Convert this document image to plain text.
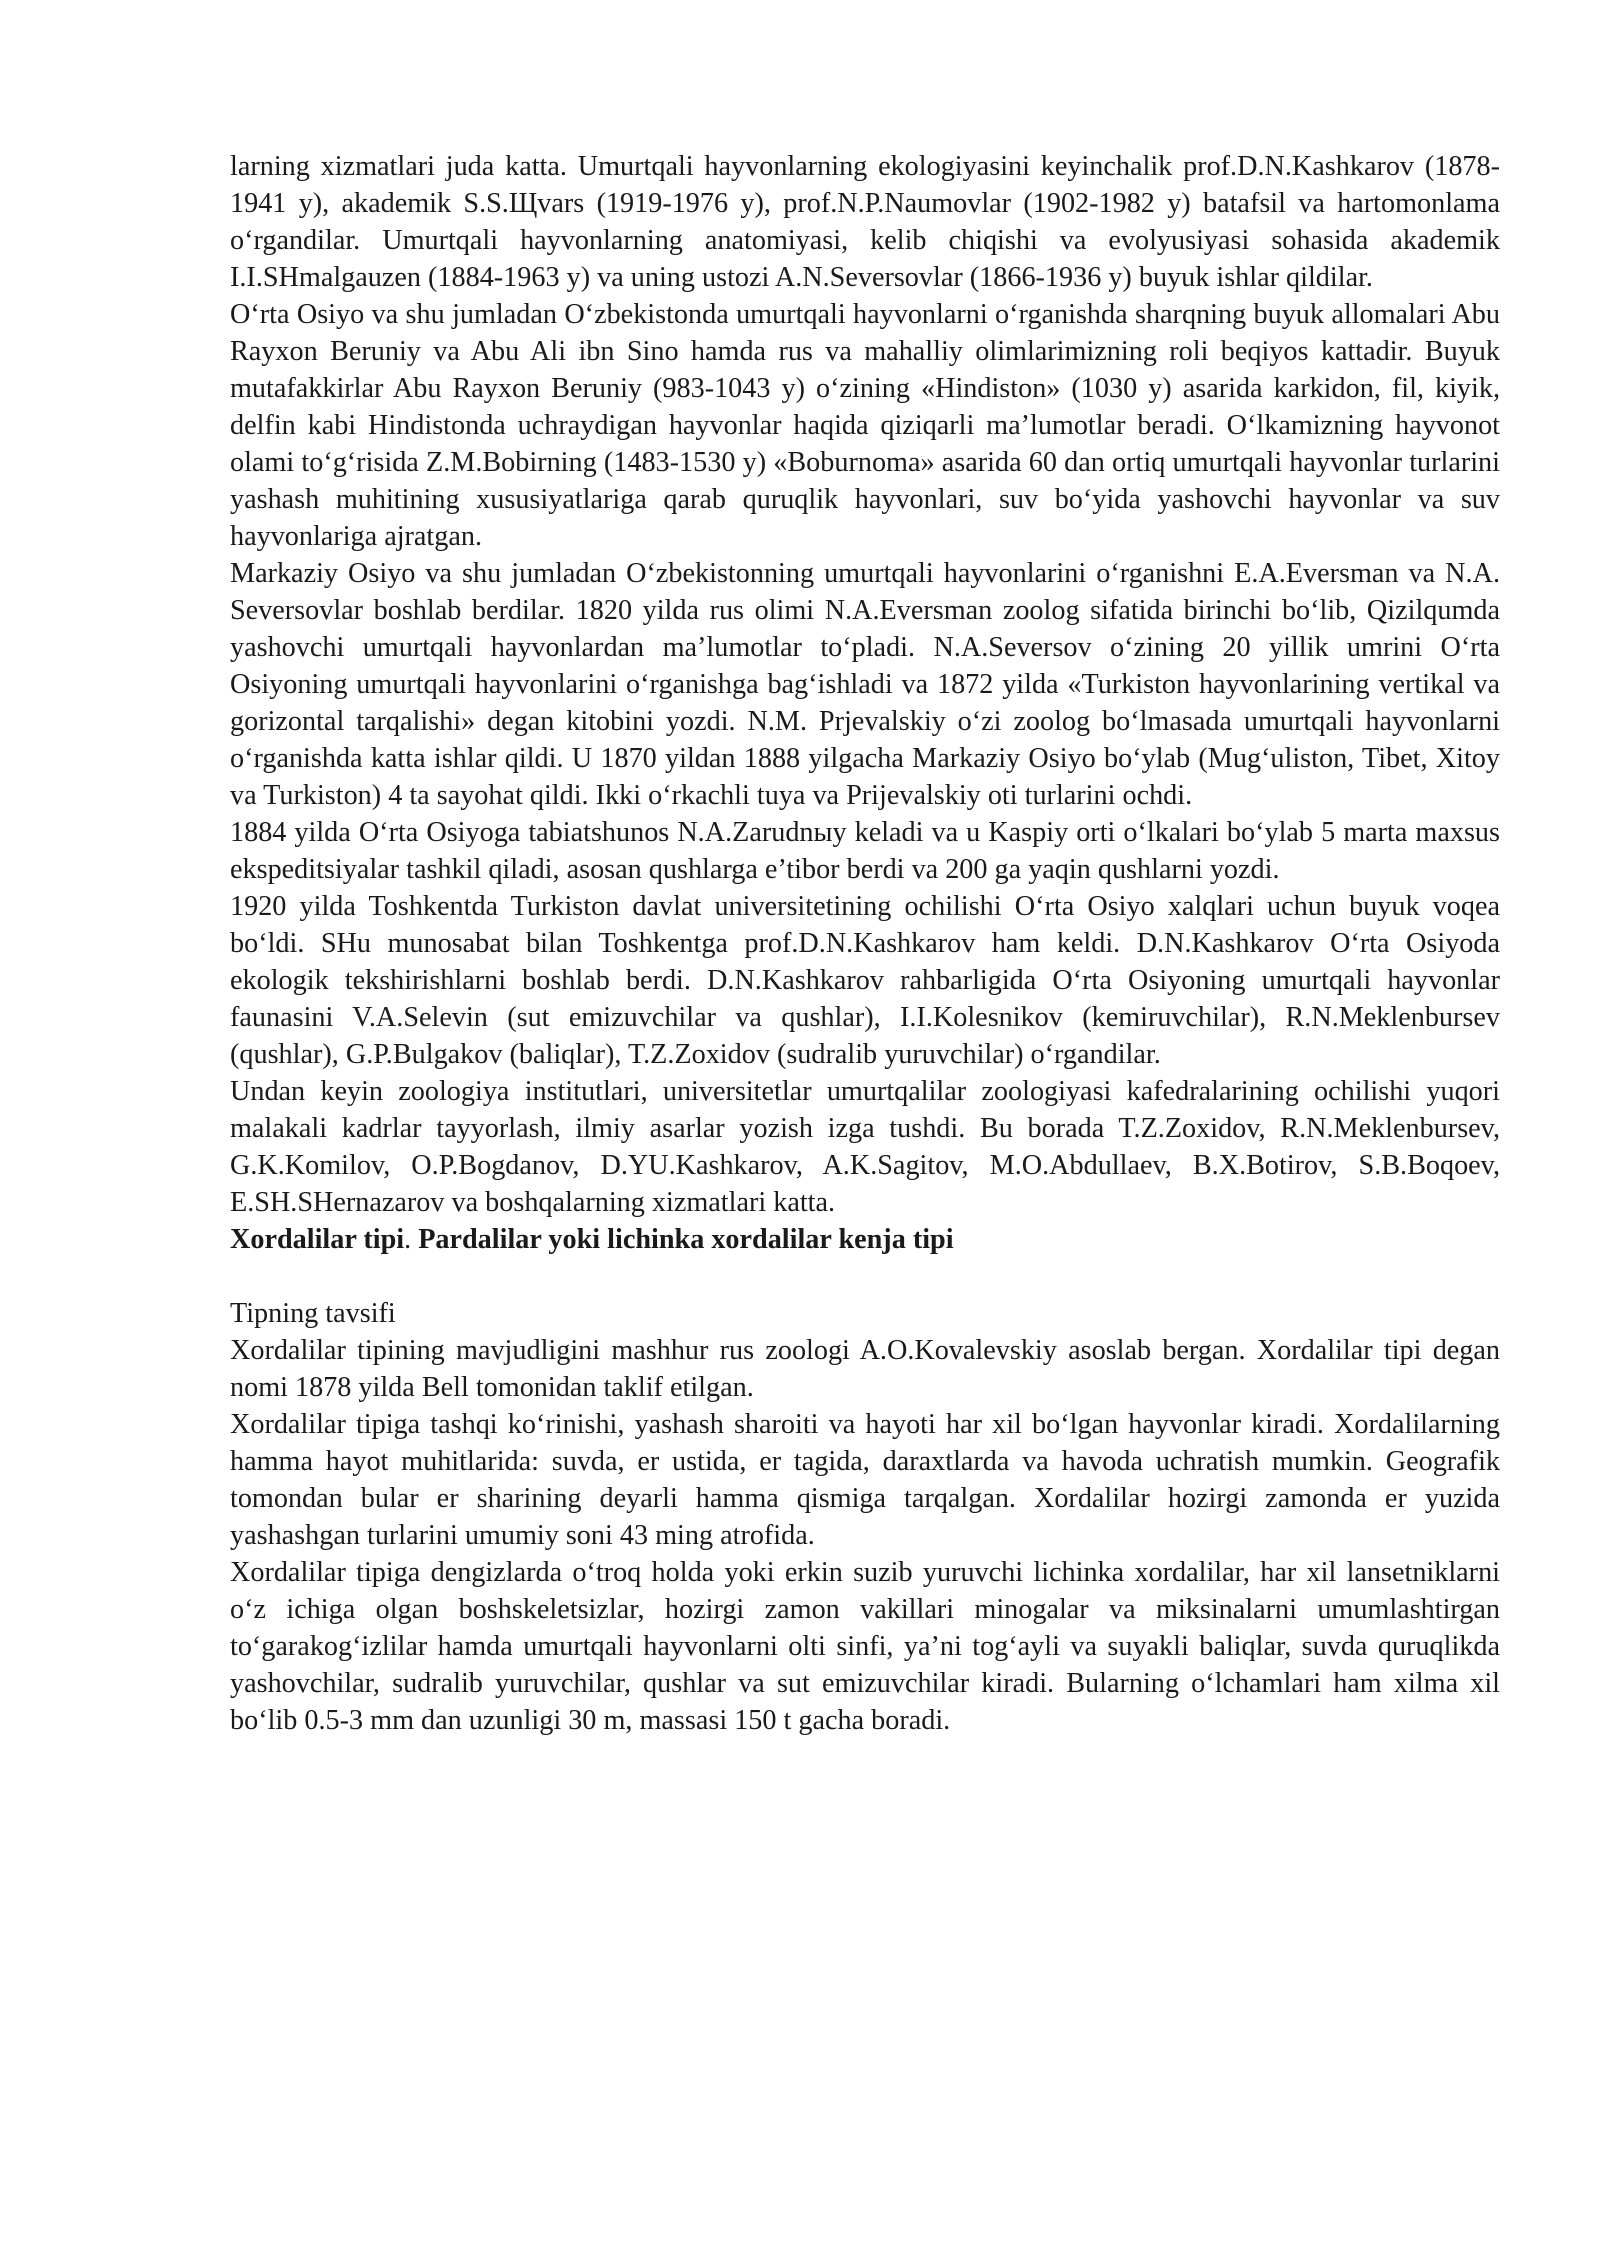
larning xizmatlari juda katta. Umurtqali hayvonlarning ekologiyasini keyinchalik prof.D.N.Kashkarov (1878-1941 y), akademik S.S.Щvars (1919-1976 y), prof.N.P.Naumovlar (1902-1982 y) batafsil va hartomonlama oʻrgandilar. Umurtqali hayvonlarning anatomiyasi, kelib chiqishi va evolyusiyasi sohasida akademik I.I.SHmalgauzen (1884-1963 y) va uning ustozi A.N.Seversovlar (1866-1936 y) buyuk ishlar qildilar.

Oʻrta Osiyo va shu jumladan Oʻzbekistonda umurtqali hayvonlarni oʻrganishda sharqning buyuk allomalari Abu Rayxon Beruniy va Abu Ali ibn Sino hamda rus va mahalliy olimlarimizning roli beqiyos kattadir. Buyuk mutafakkirlar Abu Rayxon Beruniy (983-1043 y) oʻzining «Hindiston» (1030 y) asarida karkidon, fil, kiyik, delfin kabi Hindistonda uchraydigan hayvonlar haqida qiziqarli ma’lumotlar beradi. Oʻlkamizning hayvonot olami toʻgʻrisida Z.M.Bobirning (1483-1530 y) «Boburnoma» asarida 60 dan ortiq umurtqali hayvonlar turlarini yashash muhitining xususiyatlariga qarab quruqlik hayvonlari, suv boʻyida yashovchi hayvonlar va suv hayvonlariga ajratgan.

Markaziy Osiyo va shu jumladan Oʻzbekistonning umurtqali hayvonlarini oʻrganishni E.A.Eversman va N.A. Seversovlar boshlab berdilar. 1820 yilda rus olimi N.A.Eversman zoolog sifatida birinchi boʻlib, Qizilqumda yashovchi umurtqali hayvonlardan ma’lumotlar toʻpladi. N.A.Seversov oʻzining 20 yillik umrini Oʻrta Osiyoning umurtqali hayvonlarini oʻrganishga bagʻishladi va 1872 yilda «Turkiston hayvonlarining vertikal va gorizontal tarqalishi» degan kitobini yozdi. N.M. Prjevalskiy oʻzi zoolog boʻlmasada umurtqali hayvonlarni oʻrganishda katta ishlar qildi. U 1870 yildan 1888 yilgacha Markaziy Osiyo boʻylab (Mugʻuliston, Tibet, Xitoy va Turkiston) 4 ta sayohat qildi. Ikki oʻrkachli tuya va Prijevalskiy oti turlarini ochdi.

1884 yilda Oʻrta Osiyoga tabiatshunos N.A.Zarudnыy keladi va u Kaspiy orti oʻlkalari boʻylab 5 marta maxsus ekspeditsiyalar tashkil qiladi, asosan qushlarga e’tibor berdi va 200 ga yaqin qushlarni yozdi.

1920 yilda Toshkentda Turkiston davlat universitetining ochilishi Oʻrta Osiyo xalqlari uchun buyuk voqea boʻldi. SHu munosabat bilan Toshkentga prof.D.N.Kashkarov ham keldi. D.N.Kashkarov Oʻrta Osiyoda ekologik tekshirishlarni boshlab berdi. D.N.Kashkarov rahbarligida Oʻrta Osiyoning umurtqali hayvonlar faunasini V.A.Selevin (sut emizuvchilar va qushlar), I.I.Kolesnikov (kemiruvchilar), R.N.Meklenbursev (qushlar), G.P.Bulgakov (baliqlar), T.Z.Zoxidov (sudralib yuruvchilar) oʻrgandilar.

Undan keyin zoologiya institutlari, universitetlar umurtqalilar zoologiyasi kafedralarining ochilishi yuqori malakali kadrlar tayyorlash, ilmiy asarlar yozish izga tushdi. Bu borada T.Z.Zoxidov, R.N.Meklenbursev, G.K.Komilov, O.P.Bogdanov, D.YU.Kashkarov, A.K.Sagitov, M.O.Abdullaev, B.X.Botirov, S.B.Boqoev, E.SH.SHernazarov va boshqalarning xizmatlari katta.

Xordalilar tipi. Pardalilar yoki lichinka xordalilar kenja tipi

Tipning tavsifi

Xordalilar tipining mavjudligini mashhur rus zoologi A.O.Kovalevskiy asoslab bergan. Xordalilar tipi degan nomi 1878 yilda Bell tomonidan taklif etilgan.

Xordalilar tipiga tashqi koʻrinishi, yashash sharoiti va hayoti har xil boʻlgan hayvonlar kiradi. Xordalilarning hamma hayot muhitlarida: suvda, er ustida, er tagida, daraxtlarda va havoda uchratish mumkin. Geografik tomondan bular er sharining deyarli hamma qismiga tarqalgan. Xordalilar hozirgi zamonda er yuzida yashashgan turlarini umumiy soni 43 ming atrofida.

Xordalilar tipiga dengizlarda oʻtroq holda yoki erkin suzib yuruvchi lichinka xordalilar, har xil lansetniklarni oʻz ichiga olgan boshskeletsizlar, hozirgi zamon vakillari minogalar va miksinalarni umumlashtirgan toʻgarakogʻizlilar hamda umurtqali hayvonlarni olti sinfi, ya’ni togʻayli va suyakli baliqlar, suvda quruqlikda yashovchilar, sudralib yuruvchilar, qushlar va sut emizuvchilar kiradi. Bularning oʻlchamlari ham xilma xil boʻlib 0.5-3 mm dan uzunligi 30 m, massasi 150 t gacha boradi.
